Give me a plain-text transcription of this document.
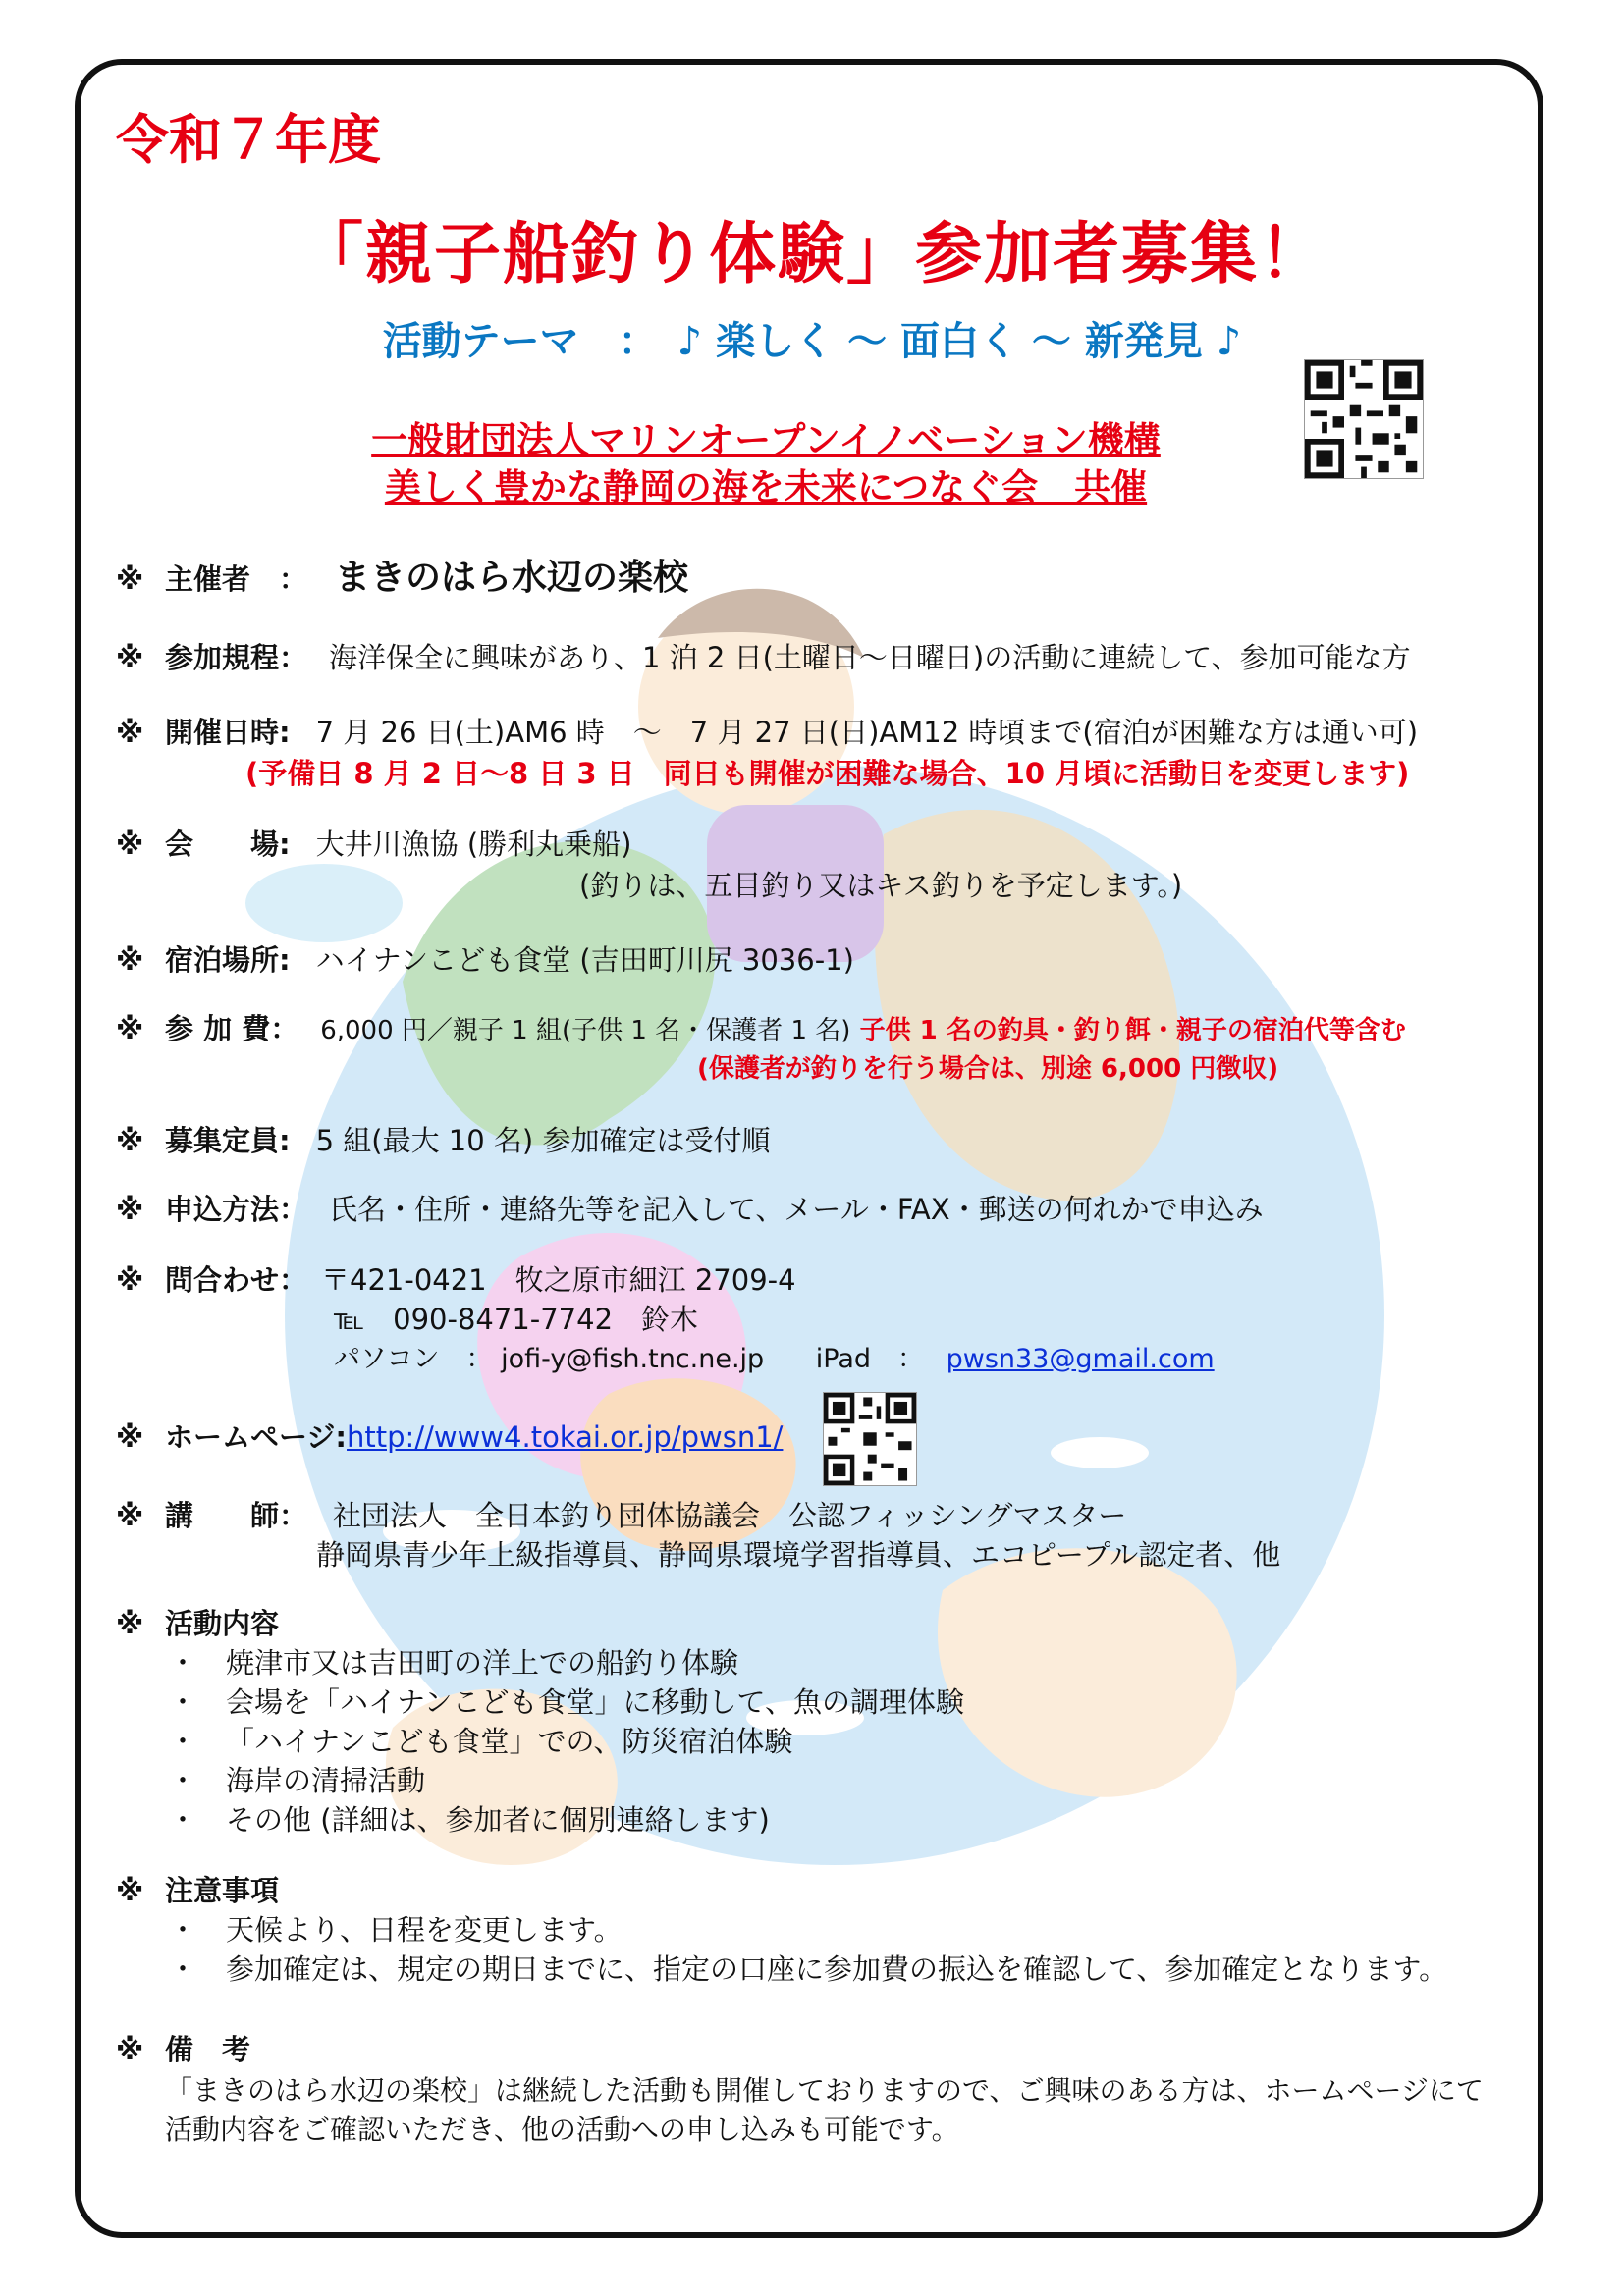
令和７年度
「親子船釣り体験」参加者募集！
活動テーマ　：　♪ 楽しく ～ 面白く ～ 新発見 ♪
一般財団法人マリンオープンイノベーション機構
美しく豊かな静岡の海を未来につなぐ会　共催
※ 主催者　： まきのはら水辺の楽校
※ 参加規程： 海洋保全に興味があり、1 泊 2 日(土曜日～日曜日)の活動に連続して、参加可能な方
※ 開催日時: 7 月 26 日(土)AM6 時　～　7 月 27 日(日)AM12 時頃まで(宿泊が困難な方は通い可)
(予備日 8 月 2 日～8 日 3 日　同日も開催が困難な場合、10 月頃に活動日を変更します)
※ 会　　場: 大井川漁協 (勝利丸乗船)
(釣りは、五目釣り又はキス釣りを予定します。)
※ 宿泊場所: ハイナンこども食堂 (吉田町川尻 3036-1)
※ 参 加 費： 6,000 円／親子 1 組(子供 1 名・保護者 1 名) 子供 1 名の釣具・釣り餌・親子の宿泊代等含む
(保護者が釣りを行う場合は、別途 6,000 円徴収)
※ 募集定員: 5 組(最大 10 名) 参加確定は受付順
※ 申込方法： 氏名・住所・連絡先等を記入して、メール・FAX・郵送の何れかで申込み
※ 問合わせ： 〒421-0421　牧之原市細江 2709-4
℡　090-8471-7742　鈴木
パソコン　： jofi-y@fish.tnc.ne.jp iPad　： pwsn33@gmail.com
※ ホームページ:http://www4.tokai.or.jp/pwsn1/
※ 講　　師： 社団法人　全日本釣り団体協議会　公認フィッシングマスター
静岡県青少年上級指導員、静岡県環境学習指導員、エコピープル認定者、他
※ 活動内容
・ 焼津市又は吉田町の洋上での船釣り体験
・ 会場を「ハイナンこども食堂」に移動して、魚の調理体験
・ 「ハイナンこども食堂」での、防災宿泊体験
・ 海岸の清掃活動
・ その他 (詳細は、参加者に個別連絡します)
※ 注意事項
・ 天候より、日程を変更します。
・ 参加確定は、規定の期日までに、指定の口座に参加費の振込を確認して、参加確定となります。
※ 備　考
「まきのはら水辺の楽校」は継続した活動も開催しておりますので、ご興味のある方は、ホームページにて
活動内容をご確認いただき、他の活動への申し込みも可能です。
